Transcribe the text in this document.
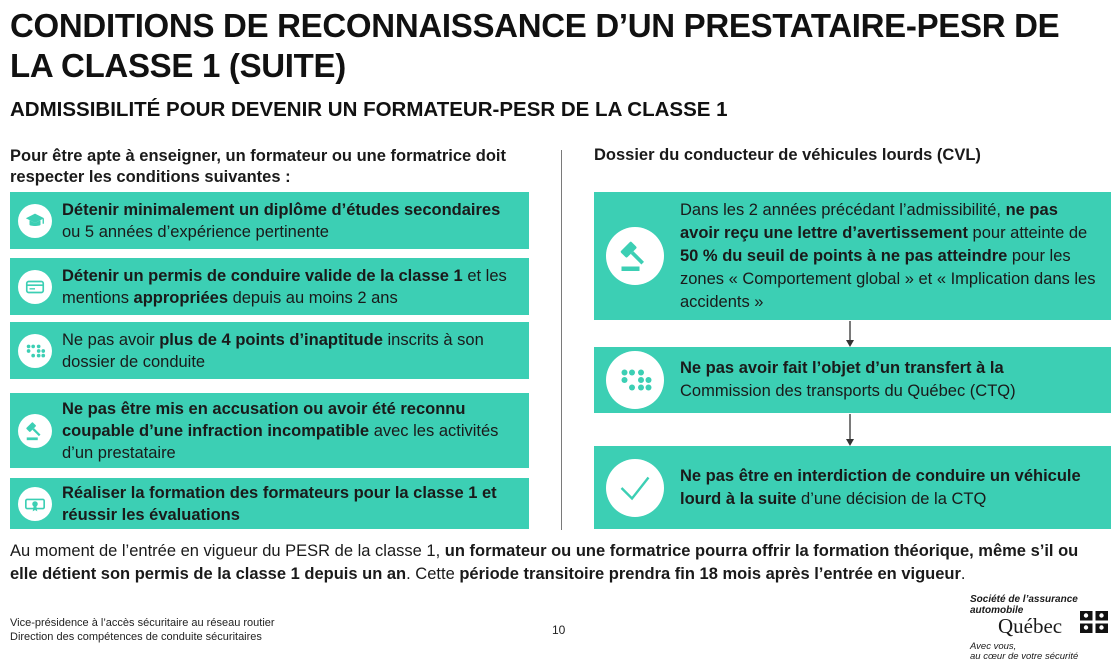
CONDITIONS DE RECONNAISSANCE D’UN PRESTATAIRE-PESR DE LA CLASSE 1 (SUITE)
ADMISSIBILITÉ POUR DEVENIR UN FORMATEUR-PESR DE LA CLASSE 1
Pour être apte à enseigner, un formateur ou une formatrice doit respecter les conditions suivantes :
Dossier du conducteur de véhicules lourds (CVL)
Détenir minimalement un diplôme d’études secondaires ou 5 années d’expérience pertinente
Détenir un permis de conduire valide de la classe 1 et les mentions appropriées depuis au moins 2 ans
Ne pas avoir plus de 4 points d’inaptitude inscrits à son dossier de conduite
Ne pas être mis en accusation ou avoir été reconnu coupable d’une infraction incompatible avec les activités d’un prestataire
Réaliser la formation des formateurs pour la classe 1 et réussir les évaluations
Dans les 2 années précédant l’admissibilité, ne pas avoir reçu une lettre d’avertissement pour atteinte de 50 % du seuil de points à ne pas atteindre pour les zones « Comportement global » et « Implication dans les accidents »
Ne pas avoir fait l’objet d’un transfert à la
Commission des transports du Québec (CTQ)
Ne pas être en interdiction de conduire un véhicule lourd à la suite d’une décision de la CTQ

Au moment de l’entrée en vigueur du PESR de la classe 1, un formateur ou une formatrice pourra offrir la formation théorique, même s’il ou elle détient son permis de la classe 1 depuis un an. Cette période transitoire prendra fin 18 mois après l’entrée en vigueur.

Vice-présidence à l’accès sécuritaire au réseau routier
Direction des compétences de conduite sécuritaires	10
Société de l’assurance
automobile
Québec
Avec vous,
au cœur de votre sécurité
